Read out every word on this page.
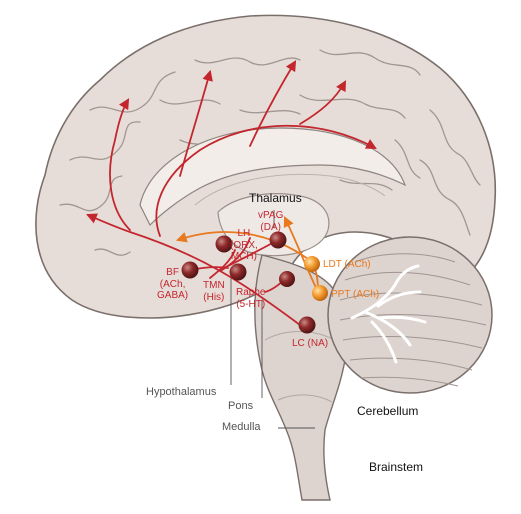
Thalamus
Hypothalamus
Pons
Medulla
Cerebellum
Brainstem
vPAG
(DA)
LH
(ORX,
MCH)
BF
(ACh,
GABA)
TMN
(His) Raphe
(5-HT)
LC (NA)
LDT (ACh)
PPT (ACh)
